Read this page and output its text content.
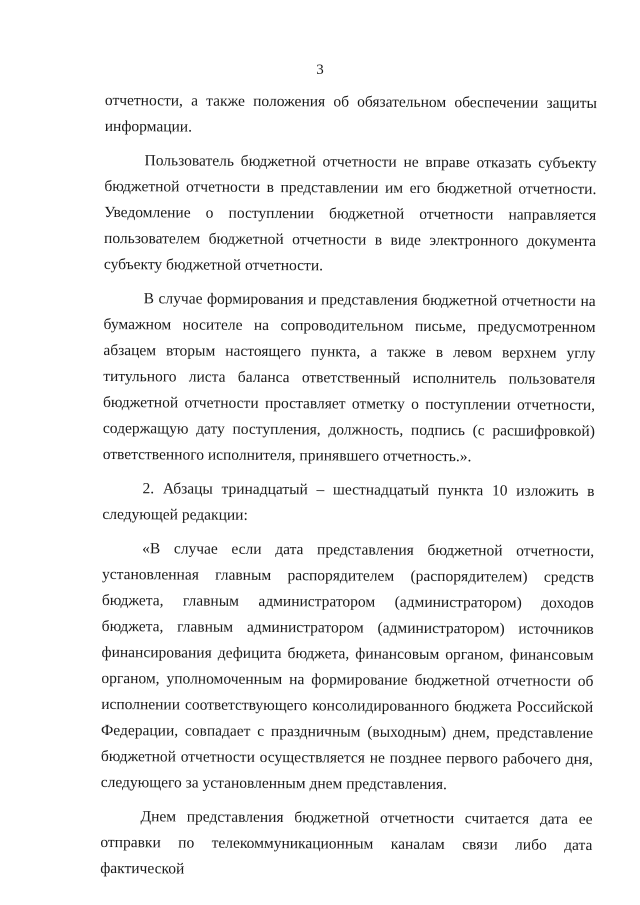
3

отчетности, а также положения об обязательном обеспечении защиты информации.

Пользователь бюджетной отчетности не вправе отказать субъекту бюджетной отчетности в представлении им его бюджетной отчетности. Уведомление о поступлении бюджетной отчетности направляется пользователем бюджетной отчетности в виде электронного документа субъекту бюджетной отчетности.

В случае формирования и представления бюджетной отчетности на бумажном носителе на сопроводительном письме, предусмотренном абзацем вторым настоящего пункта, а также в левом верхнем углу титульного листа баланса ответственный исполнитель пользователя бюджетной отчетности проставляет отметку о поступлении отчетности, содержащую дату поступления, должность, подпись (с расшифровкой) ответственного исполнителя, принявшего отчетность.».

2. Абзацы тринадцатый – шестнадцатый пункта 10 изложить в следующей редакции:

«В случае если дата представления бюджетной отчетности, установленная главным распорядителем (распорядителем) средств бюджета, главным администратором (администратором) доходов бюджета, главным администратором (администратором) источников финансирования дефицита бюджета, финансовым органом, финансовым органом, уполномоченным на формирование бюджетной отчетности об исполнении соответствующего консолидированного бюджета Российской Федерации, совпадает с праздничным (выходным) днем, представление бюджетной отчетности осуществляется не позднее первого рабочего дня, следующего за установленным днем представления.

Днем представления бюджетной отчетности считается дата ее отправки по телекоммуникационным каналам связи либо дата фактической
